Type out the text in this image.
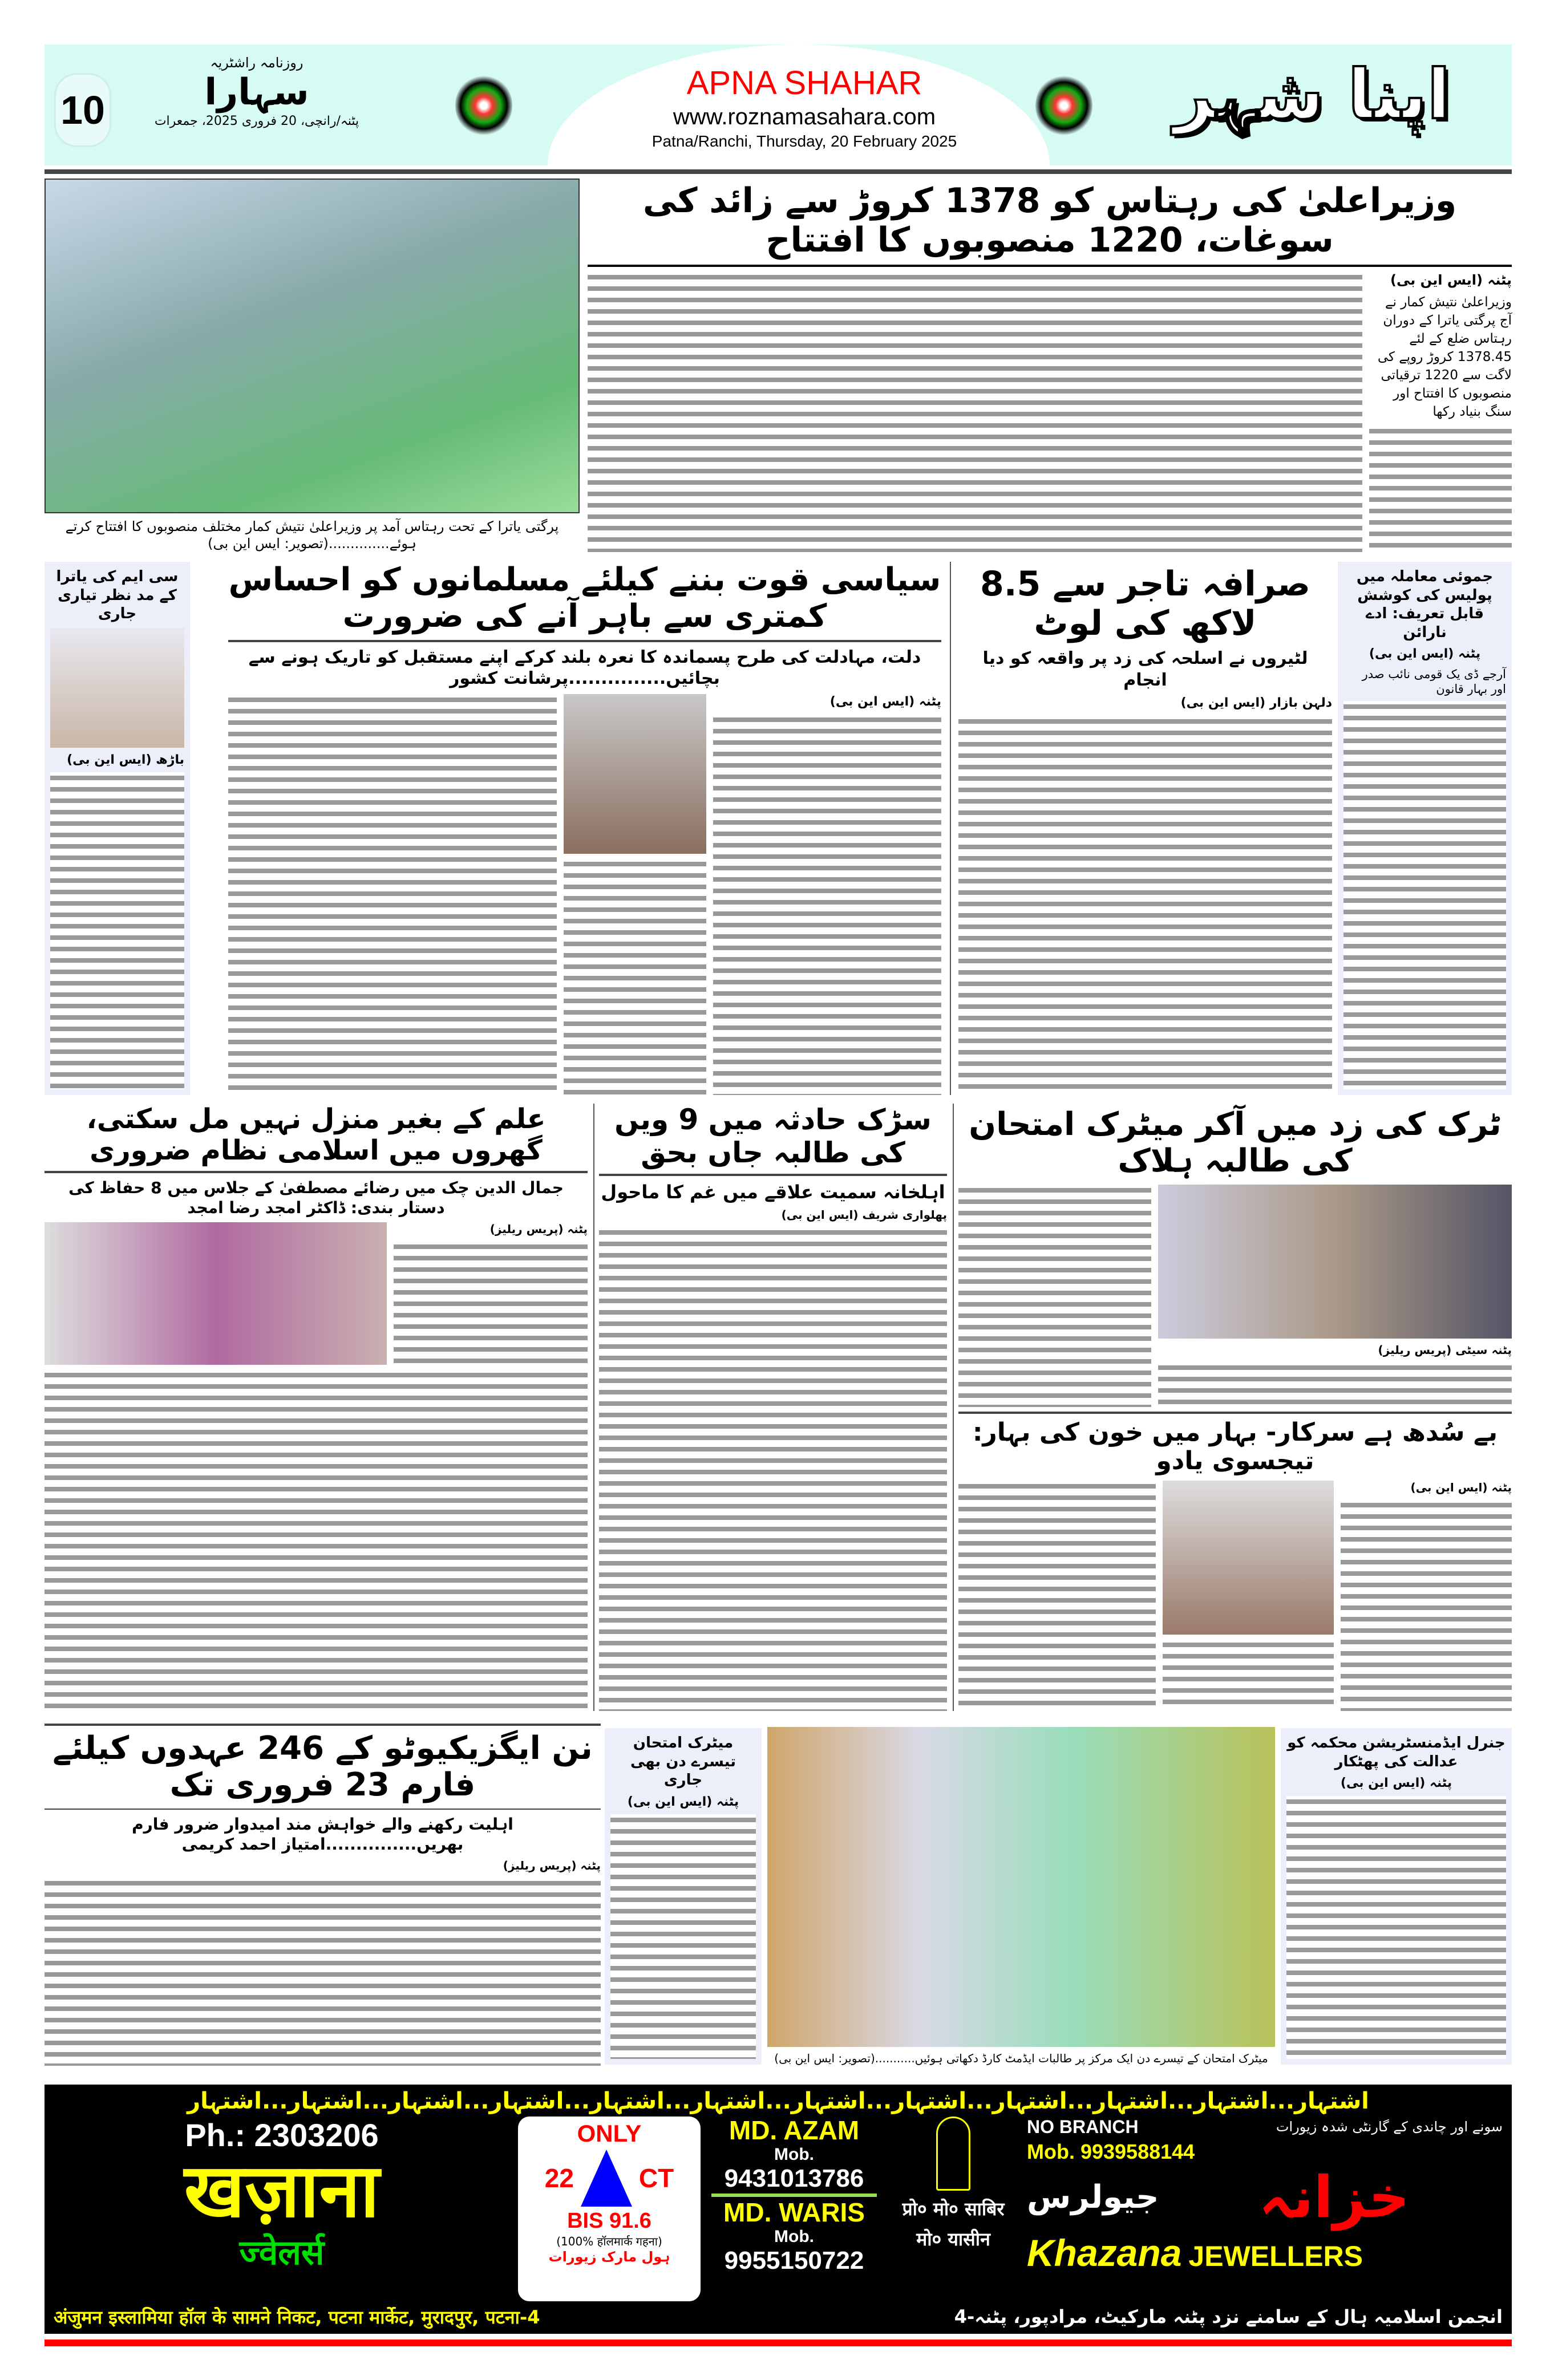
10
روزنامہ راشٹریہ
سہارا
پٹنہ/رانچی، 20 فروری 2025، جمعرات
APNA SHAHAR
www.roznamasahara.com
Patna/Ranchi, Thursday, 20 February 2025
اپنا شہر
پرگتی یاترا کے تحت رہتاس آمد پر وزیراعلیٰ نتیش کمار مختلف منصوبوں کا افتتاح کرتے ہوئے..............(تصویر: ایس این بی)
وزیراعلیٰ کی رہتاس کو 1378 کروڑ سے زائد کی سوغات، 1220 منصوبوں کا افتتاح
پٹنہ (ایس این بی)
وزیراعلیٰ نتیش کمار نے آج پرگتی یاترا کے دوران رہتاس ضلع کے لئے 1378.45 کروڑ روپے کی لاگت سے 1220 ترقیاتی منصوبوں کا افتتاح اور سنگ بنیاد رکھا
سی ایم کی یاترا کے مد نظر تیاری جاری
باڑھ (ایس این بی)
سیاسی قوت بننے کیلئے مسلمانوں کو احساس کمتری سے باہر آنے کی ضرورت
دلت، مہادلت کی طرح پسماندہ کا نعرہ بلند کرکے اپنے مستقبل کو تاریک ہونے سے بچائیں...............پرشانت کشور
پٹنہ (ایس این بی)
صرافہ تاجر سے 8.5 لاکھ کی لوٹ
لٹیروں نے اسلحہ کی زد پر واقعہ کو دیا انجام
دلہن بازار (ایس این بی)
جموئی معاملہ میں پولیس کی کوشش قابل تعریف: ادے نارائن
پٹنہ (ایس این بی)
آرجے ڈی یک قومی نائب صدر اور بہار قانون
علم کے بغیر منزل نہیں مل سکتی، گھروں میں اسلامی نظام ضروری
جمال الدین چک میں رضائے مصطفیٰ کے جلاس میں 8 حفاظ کی دستار بندی: ڈاکٹر امجد رضا امجد
پٹنہ (پریس ریلیز)
سڑک حادثہ میں 9 ویں کی طالبہ جاں بحق
اہلخانہ سمیت علاقے میں غم کا ماحول
پھلواری شریف (ایس این بی)
ٹرک کی زد میں آکر میٹرک امتحان کی طالبہ ہلاک
پٹنہ سیٹی (پریس ریلیز)
بے سُدھ ہے سرکار- بہار میں خون کی بہار: تیجسوی یادو
پٹنہ (ایس این بی)
نن ایگزیکیوٹو کے 246 عہدوں کیلئے فارم 23 فروری تک
اہلیت رکھنے والے خواہش مند امیدوار ضرور فارم بھریں...............امتیاز احمد کریمی
پٹنہ (پریس ریلیز)
میٹرک امتحان تیسرے دن بھی جاری
پٹنہ (ایس این بی)
میٹرک امتحان کے تیسرے دن ایک مرکز پر طالبات ایڈمٹ کارڈ دکھاتی ہوئیں...........(تصویر: ایس این بی)
جنرل ایڈمنسٹریشن محکمہ کو عدالت کی پھٹکار
پٹنہ (ایس این بی)
اشتہار...اشتہار...اشتہار...اشتہار...اشتہار...اشتہار...اشتہار...اشتہار...اشتہار...اشتہار...اشتہار...اشتہار
Ph.: 2303206
खज़ाना
ज्वेलर्स
ONLY
22 CT
BIS 91.6
(100% हॉलमार्क गहना)
ہول مارک زیورات
MD. AZAM
Mob.
9431013786
MD. WARIS
Mob.
9955150722
प्रो० मो० साबिर
मो० यासीन
NO BRANCH	سونے اور چاندی کے گارنٹی شدہ زیورات
Mob. 9939588144
جیولرس	خزانہ
Khazana JEWELLERS
अंजुमन इस्लामिया हॉल के सामने निकट, पटना मार्केट, मुरादपुर, पटना-4	انجمن اسلامیہ ہال کے سامنے نزد پٹنہ مارکیٹ، مرادپور، پٹنہ-4
